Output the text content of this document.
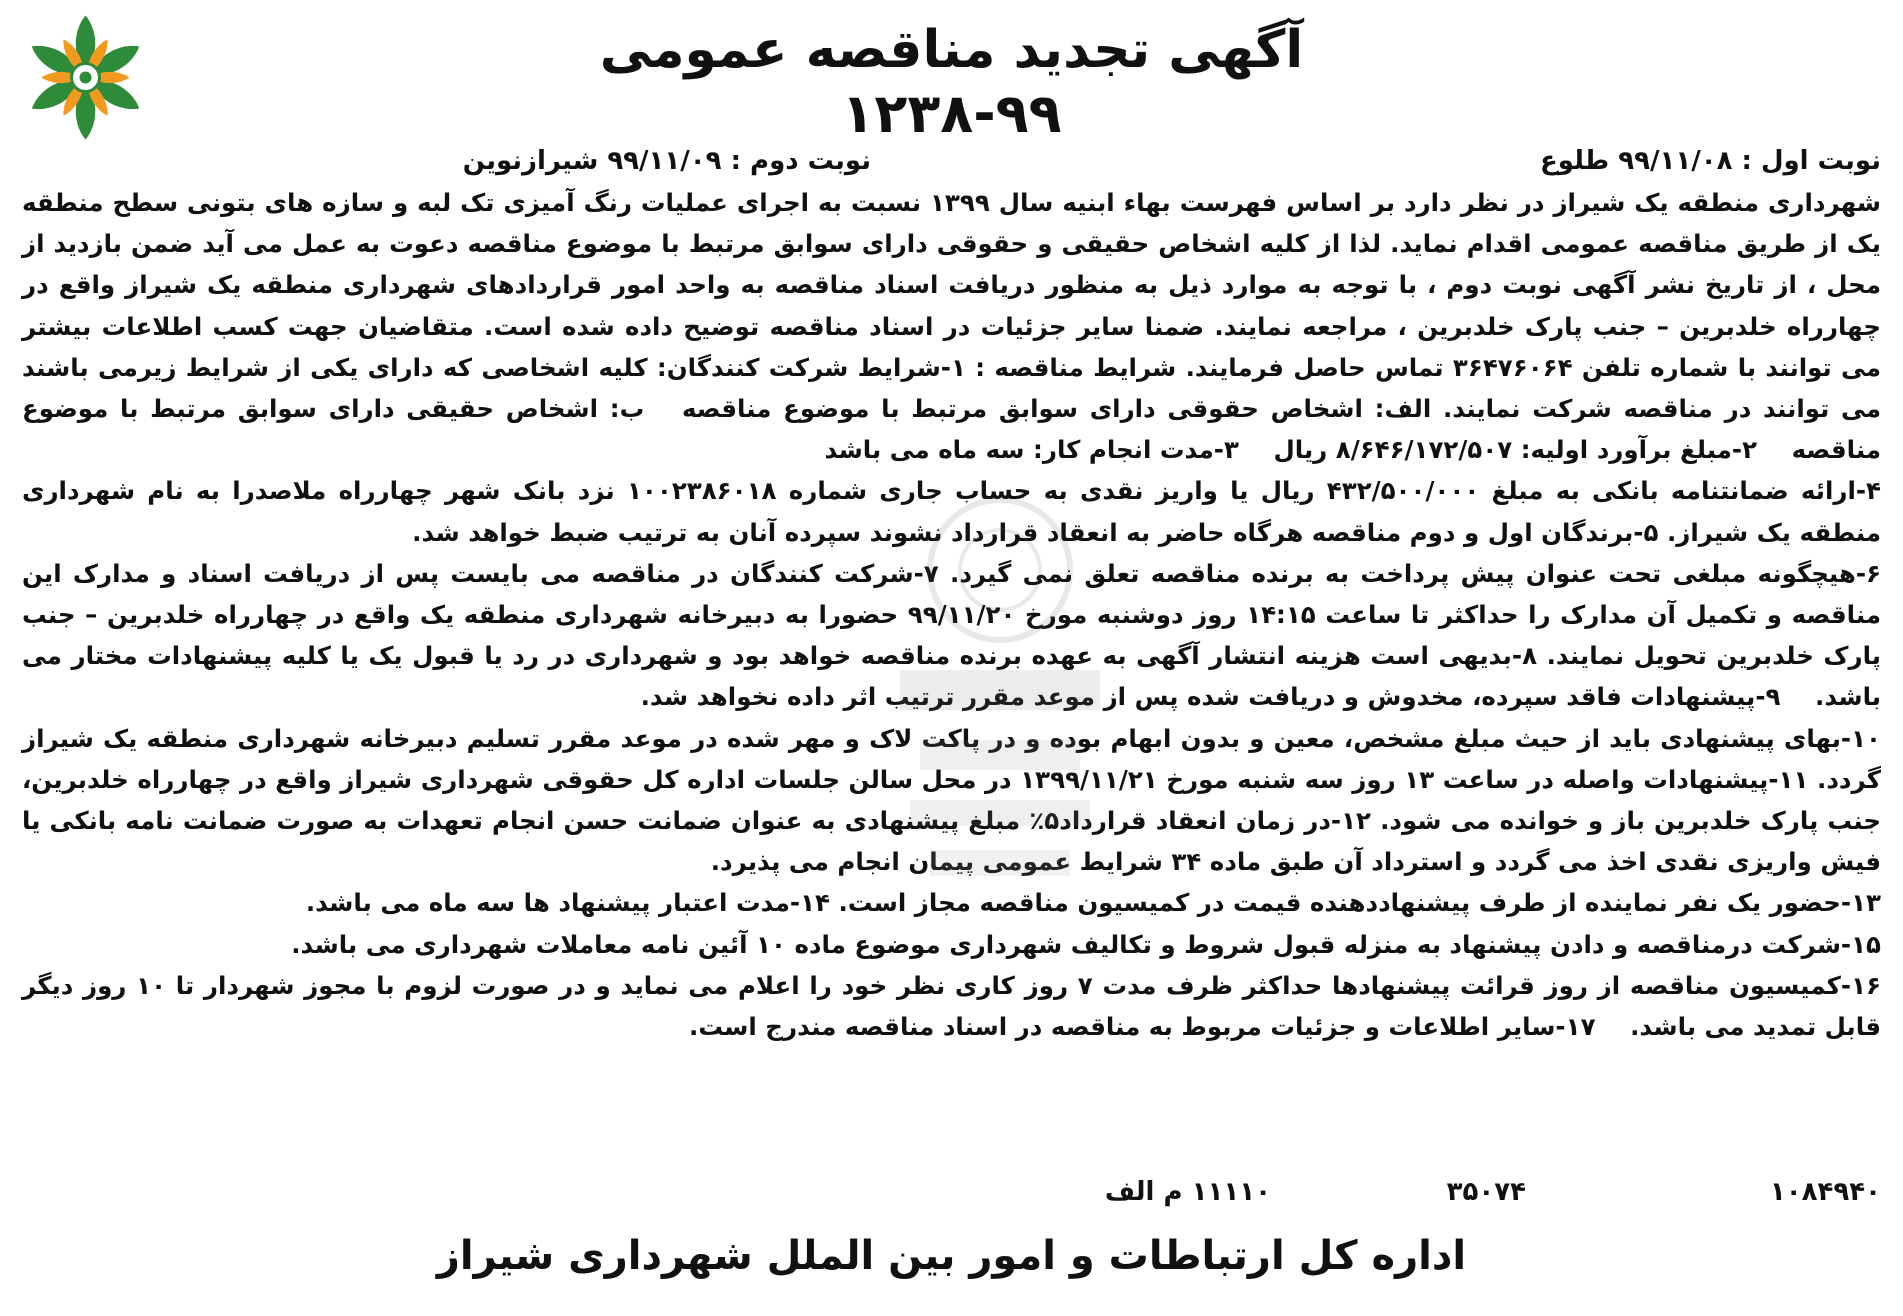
آگهی تجدید مناقصه عمومی
۱۲۳۸-۹۹
نوبت اول : ۹۹/۱۱/۰۸ طلوع
نوبت دوم : ۹۹/۱۱/۰۹ شیرازنوین

شهرداری منطقه یک شیراز در نظر دارد بر اساس فهرست بهاء ابنیه سال ۱۳۹۹ نسبت به اجرای عملیات رنگ آمیزی تک لبه و سازه های بتونی سطح منطقه یک از طریق مناقصه عمومی اقدام نماید. لذا از کلیه اشخاص حقیقی و حقوقی دارای سوابق مرتبط با موضوع مناقصه دعوت به عمل می آید ضمن بازدید از محل ، از تاریخ نشر آگهی نوبت دوم ، با توجه به موارد ذیل به منظور دریافت اسناد مناقصه به واحد امور قراردادهای شهرداری منطقه یک شیراز واقع در چهارراه خلدبرین – جنب پارک خلدبرین ، مراجعه نمایند. ضمنا سایر جزئیات در اسناد مناقصه توضیح داده شده است. متقاضیان جهت کسب اطلاعات بیشتر می توانند با شماره تلفن ۳۶۴۷۶۰۶۴ تماس حاصل فرمایند. شرایط مناقصه : ۱-شرایط شرکت کنندگان: کلیه اشخاصی که دارای یکی از شرایط زیرمی باشند می توانند در مناقصه شرکت نمایند. الف: اشخاص حقوقی دارای سوابق مرتبط با موضوع مناقصه ب: اشخاص حقیقی دارای سوابق مرتبط با موضوع مناقصه ۲-مبلغ برآورد اولیه: ۸/۶۴۶/۱۷۲/۵۰۷ ریال ۳-مدت انجام کار: سه ماه می باشد

۴-ارائه ضمانتنامه بانکی به مبلغ ۴۳۲/۵۰۰/۰۰۰ ریال یا واریز نقدی به حساب جاری شماره ۱۰۰۲۳۸۶۰۱۸ نزد بانک شهر چهارراه ملاصدرا به نام شهرداری منطقه یک شیراز. ۵-برندگان اول و دوم مناقصه هرگاه حاضر به انعقاد قرارداد نشوند سپرده آنان به ترتیب ضبط خواهد شد.

۶-هیچگونه مبلغی تحت عنوان پیش پرداخت به برنده مناقصه تعلق نمی گیرد. ۷-شرکت کنندگان در مناقصه می بایست پس از دریافت اسناد و مدارک این مناقصه و تکمیل آن مدارک را حداکثر تا ساعت ۱۴:۱۵ روز دوشنبه مورخ ۹۹/۱۱/۲۰ حضورا به دبیرخانه شهرداری منطقه یک واقع در چهارراه خلدبرین – جنب پارک خلدبرین تحویل نمایند. ۸-بدیهی است هزینه انتشار آگهی به عهده برنده مناقصه خواهد بود و شهرداری در رد یا قبول یک یا کلیه پیشنهادات مختار می باشد. ۹-پیشنهادات فاقد سپرده، مخدوش و دریافت شده پس از موعد مقرر ترتیب اثر داده نخواهد شد.

۱۰-بهای پیشنهادی باید از حیث مبلغ مشخص، معین و بدون ابهام بوده و در پاکت لاک و مهر شده در موعد مقرر تسلیم دبیرخانه شهرداری منطقه یک شیراز گردد. ۱۱-پیشنهادات واصله در ساعت ۱۳ روز سه شنبه مورخ ۱۳۹۹/۱۱/۲۱ در محل سالن جلسات اداره کل حقوقی شهرداری شیراز واقع در چهارراه خلدبرین، جنب پارک خلدبرین باز و خوانده می شود. ۱۲-در زمان انعقاد قرارداد۵٪ مبلغ پیشنهادی به عنوان ضمانت حسن انجام تعهدات به صورت ضمانت نامه بانکی یا فیش واریزی نقدی اخذ می گردد و استرداد آن طبق ماده ۳۴ شرایط عمومی پیمان انجام می پذیرد.

۱۳-حضور یک نفر نماینده از طرف پیشنهاددهنده قیمت در کمیسیون مناقصه مجاز است. ۱۴-مدت اعتبار پیشنهاد ها سه ماه می باشد.

۱۵-شرکت درمناقصه و دادن پیشنهاد به منزله قبول شروط و تکالیف شهرداری موضوع ماده ۱۰ آئین نامه معاملات شهرداری می باشد.

۱۶-کمیسیون مناقصه از روز قرائت پیشنهادها حداکثر ظرف مدت ۷ روز کاری نظر خود را اعلام می نماید و در صورت لزوم با مجوز شهردار تا ۱۰ روز دیگر قابل تمدید می باشد. ۱۷-سایر اطلاعات و جزئیات مربوط به مناقصه در اسناد مناقصه مندرج است.

۱۰۸۴۹۴۰
۳۵۰۷۴
۱۱۱۱۰ م الف
اداره کل ارتباطات و امور بین الملل شهرداری شیراز
